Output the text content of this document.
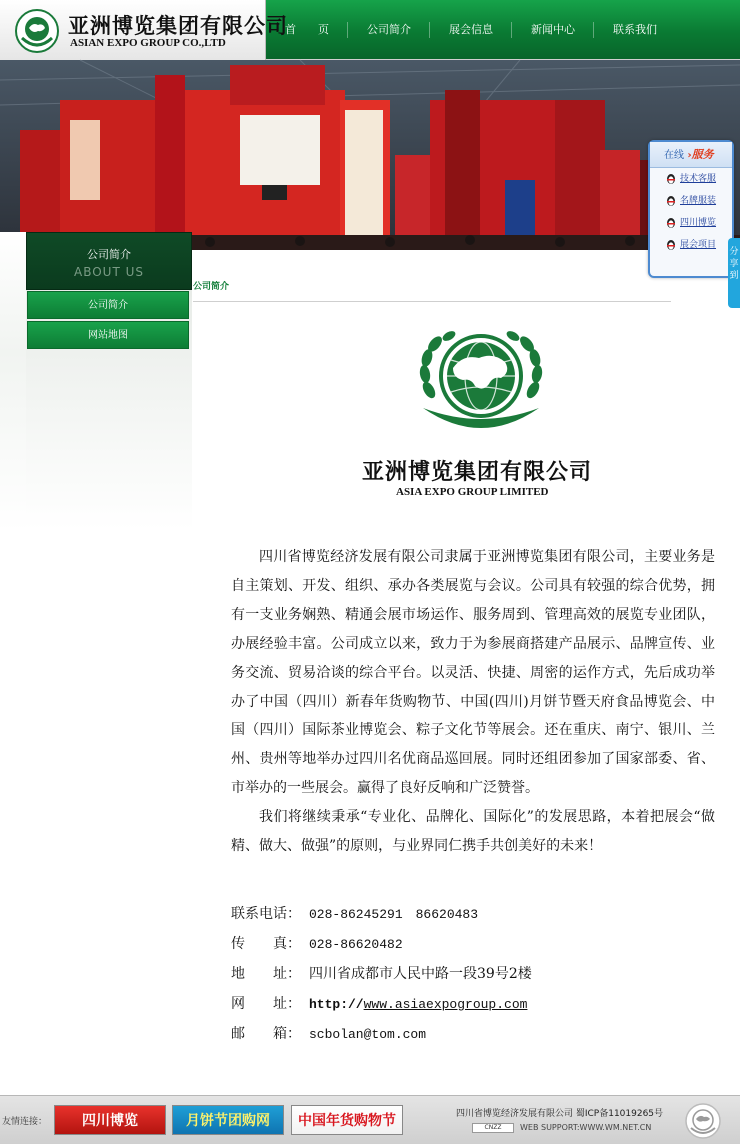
亚洲博览集团有限公司
ASIAN EXPO GROUP CO.,LTD
首　　页	公司简介	展会信息	新闻中心	联系我们
在线 ›服务
技术客服
名牌服装
四川博览
展会项目
分享到
公司简介
ABOUT US
公司简介
网站地图
公司简介
亚洲博览集团有限公司
ASIA EXPO GROUP LIMITED

四川省博览经济发展有限公司隶属于亚洲博览集团有限公司，主要业务是自主策划、开发、组织、承办各类展览与会议。公司具有较强的综合优势，拥有一支业务娴熟、精通会展市场运作、服务周到、管理高效的展览专业团队，办展经验丰富。公司成立以来，致力于为参展商搭建产品展示、品牌宣传、业务交流、贸易洽谈的综合平台。以灵活、快捷、周密的运作方式，先后成功举办了中国（四川）新春年货购物节、中国(四川)月饼节暨天府食品博览会、中国（四川）国际茶业博览会、粽子文化节等展会。还在重庆、南宁、银川、兰州、贵州等地举办过四川名优商品巡回展。同时还组团参加了国家部委、省、市举办的一些展会。赢得了良好反响和广泛赞誉。

我们将继续秉承“专业化、品牌化、国际化”的发展思路，本着把展会“做精、做大、做强”的原则，与业界同仁携手共创美好的未来！

联系电话： 028-86245291　86620483
传　　真： 028-86620482
地　　址： 四川省成都市人民中路一段39号2楼
网　　址： http://www.asiaexpogroup.com
邮　　箱： scbolan@tom.com
友情连接：	四川博览	月饼节团购网	中国年货购物节	四川省博览经济发展有限公司 蜀ICP备11019265号
CNZZ	WEB SUPPORT:WWW.WM.NET.CN
